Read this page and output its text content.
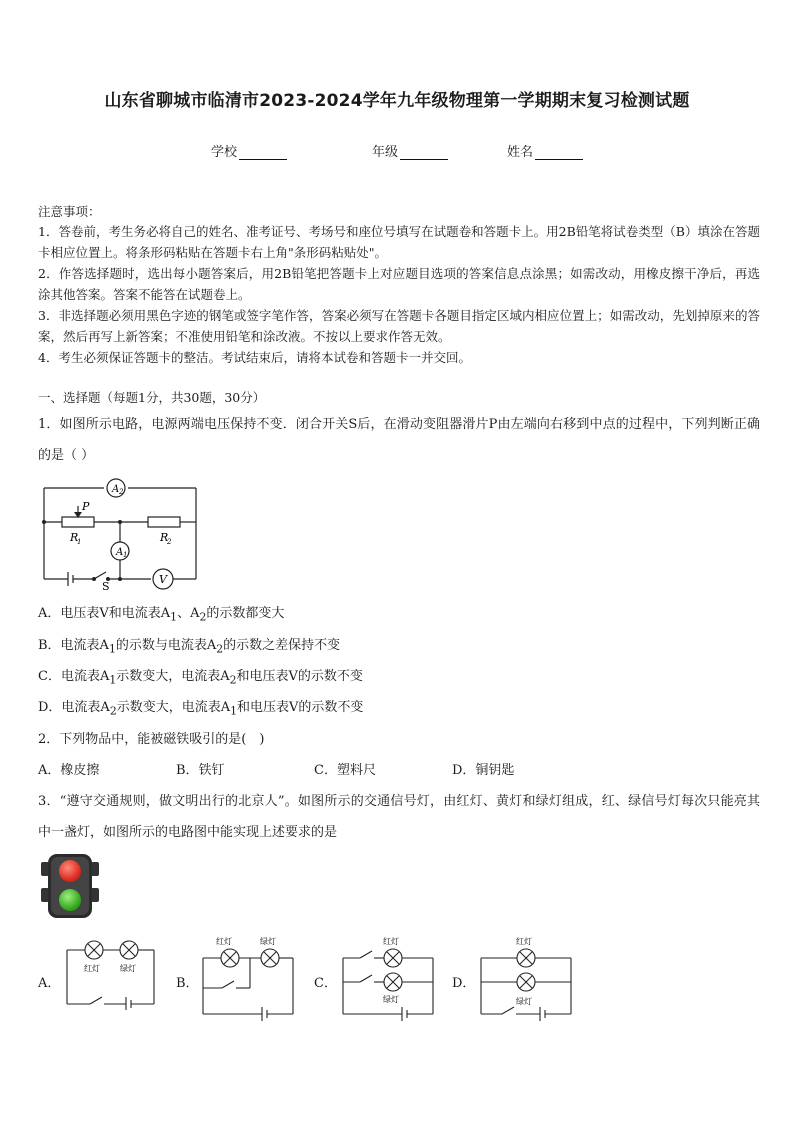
山东省聊城市临清市2023-2024学年九年级物理第一学期期末复习检测试题
学校	年级	姓名
注意事项：
1．答卷前，考生务必将自己的姓名、准考证号、考场号和座位号填写在试题卷和答题卡上。用2B铅笔将试卷类型（B）填涂在答题卡相应位置上。将条形码粘贴在答题卡右上角"条形码粘贴处"。
2．作答选择题时，选出每小题答案后，用2B铅笔把答题卡上对应题目选项的答案信息点涂黑；如需改动，用橡皮擦干净后，再选涂其他答案。答案不能答在试题卷上。
3．非选择题必须用黑色字迹的钢笔或签字笔作答，答案必须写在答题卡各题目指定区域内相应位置上；如需改动，先划掉原来的答案，然后再写上新答案；不准使用铅笔和涂改液。不按以上要求作答无效。
4．考生必须保证答题卡的整洁。考试结束后，请将本试卷和答题卡一并交回。
一、选择题（每题1分，共30题，30分）
1．如图所示电路，电源两端电压保持不变．闭合开关S后，在滑动变阻器滑片P由左端向右移到中点的过程中，下列判断正确的是（ ）
A 2
P
R
1	R
2
A 1
V
S
A．电压表V和电流表$A_1$、$A_2$的示数都变大
B．电流表$A_1$的示数与电流表$A_2$的示数之差保持不变
C．电流表$A_1$示数变大，电流表$A_2$和电压表V的示数不变
D．电流表$A_2$示数变大，电流表$A_1$和电压表V的示数不变
2．下列物品中，能被磁铁吸引的是(　)
A．橡皮擦	B．铁钉	C．塑料尺	D．铜钥匙
3．“遵守交通规则，做文明出行的北京人”。如图所示的交通信号灯，由红灯、黄灯和绿灯组成，红、绿信号灯每次只能亮其中一盏灯，如图所示的电路图中能实现上述要求的是
A．
红灯	绿灯
B．
红灯	绿灯
C．
红灯
绿灯
D．
红灯
绿灯
